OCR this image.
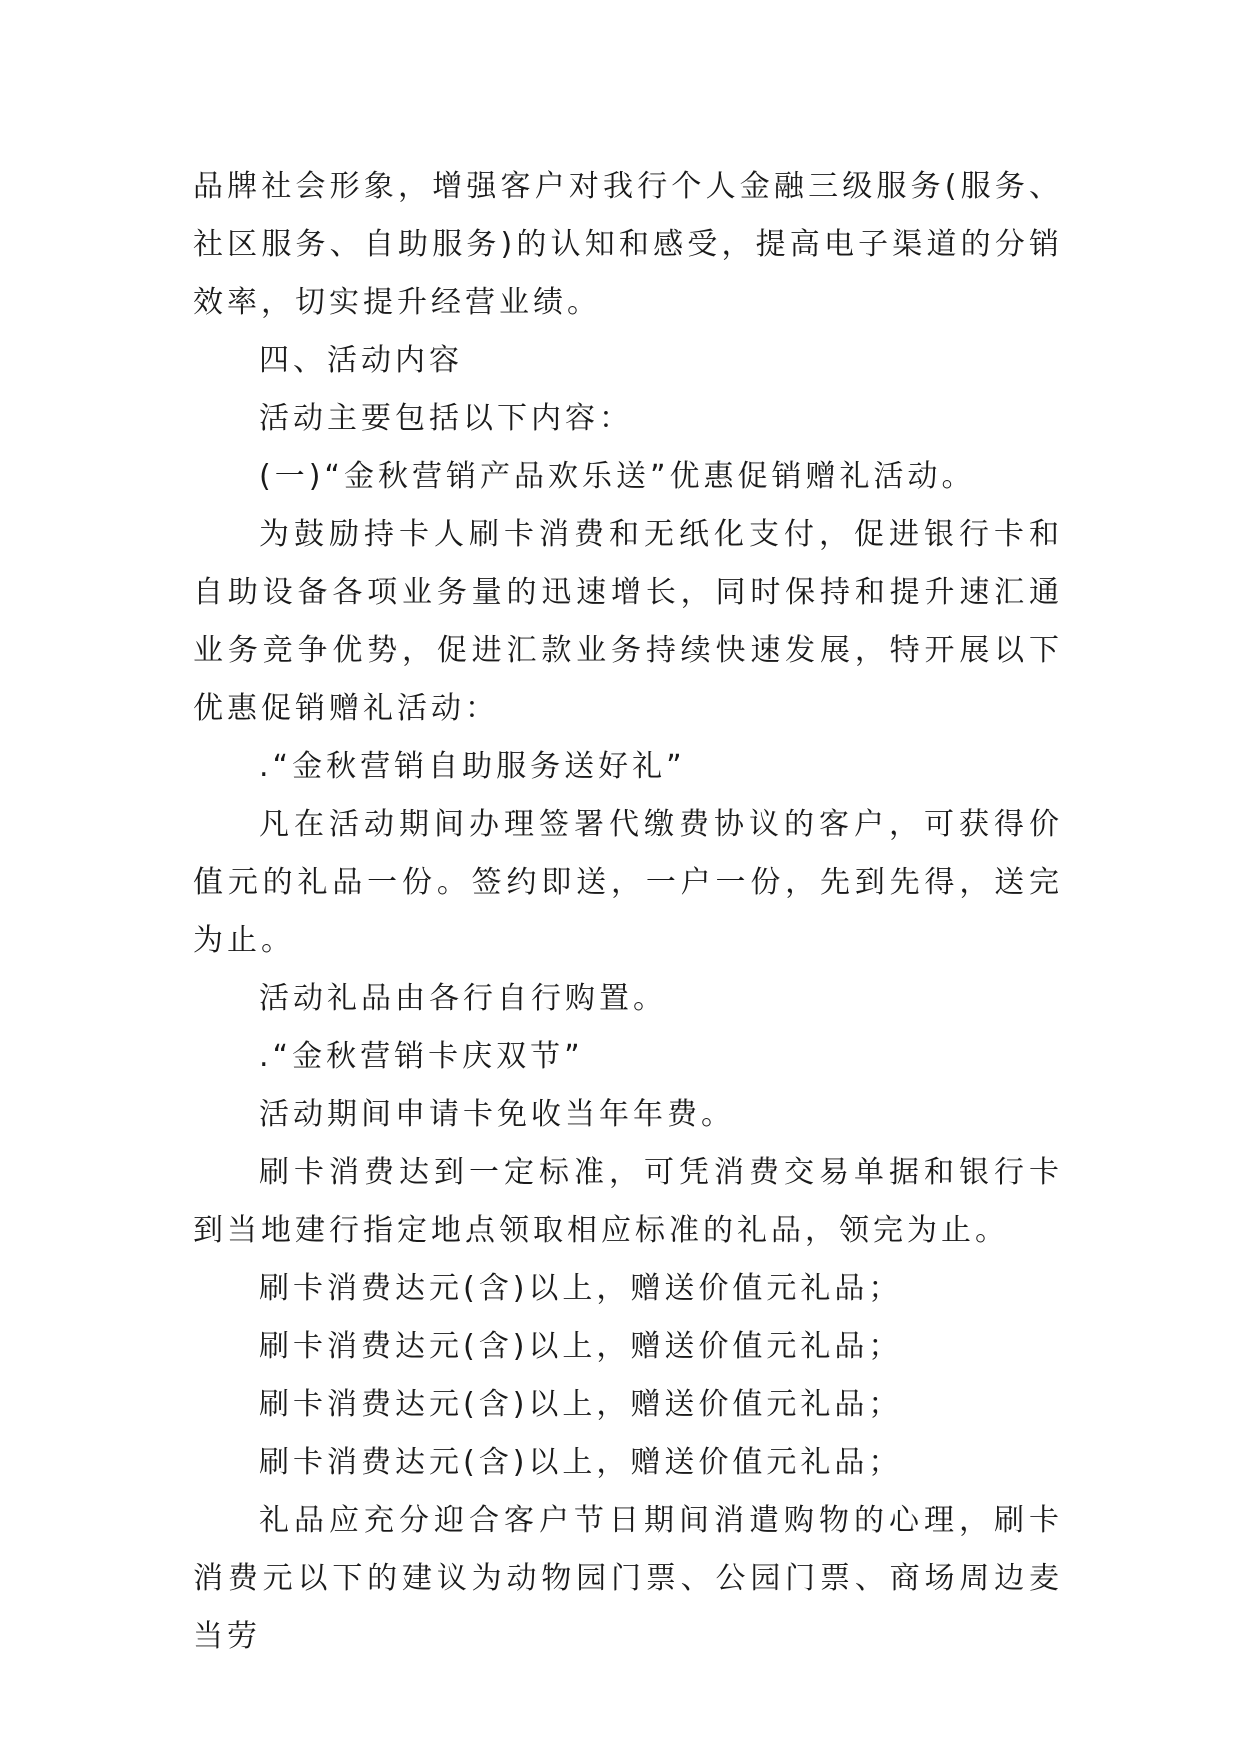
品牌社会形象，增强客户对我行个人金融三级服务(服务、社区服务、自助服务)的认知和感受，提高电子渠道的分销效率，切实提升经营业绩。

四、活动内容

活动主要包括以下内容：

(一)“金秋营销产品欢乐送”优惠促销赠礼活动。

为鼓励持卡人刷卡消费和无纸化支付，促进银行卡和自助设备各项业务量的迅速增长，同时保持和提升速汇通业务竞争优势，促进汇款业务持续快速发展，特开展以下优惠促销赠礼活动：

.“金秋营销自助服务送好礼”

凡在活动期间办理签署代缴费协议的客户，可获得价值元的礼品一份。签约即送，一户一份，先到先得，送完为止。

活动礼品由各行自行购置。

.“金秋营销卡庆双节”

活动期间申请卡免收当年年费。

刷卡消费达到一定标准，可凭消费交易单据和银行卡到当地建行指定地点领取相应标准的礼品，领完为止。

刷卡消费达元(含)以上，赠送价值元礼品；

刷卡消费达元(含)以上，赠送价值元礼品；

刷卡消费达元(含)以上，赠送价值元礼品；

刷卡消费达元(含)以上，赠送价值元礼品；

礼品应充分迎合客户节日期间消遣购物的心理，刷卡消费元以下的建议为动物园门票、公园门票、商场周边麦当劳
